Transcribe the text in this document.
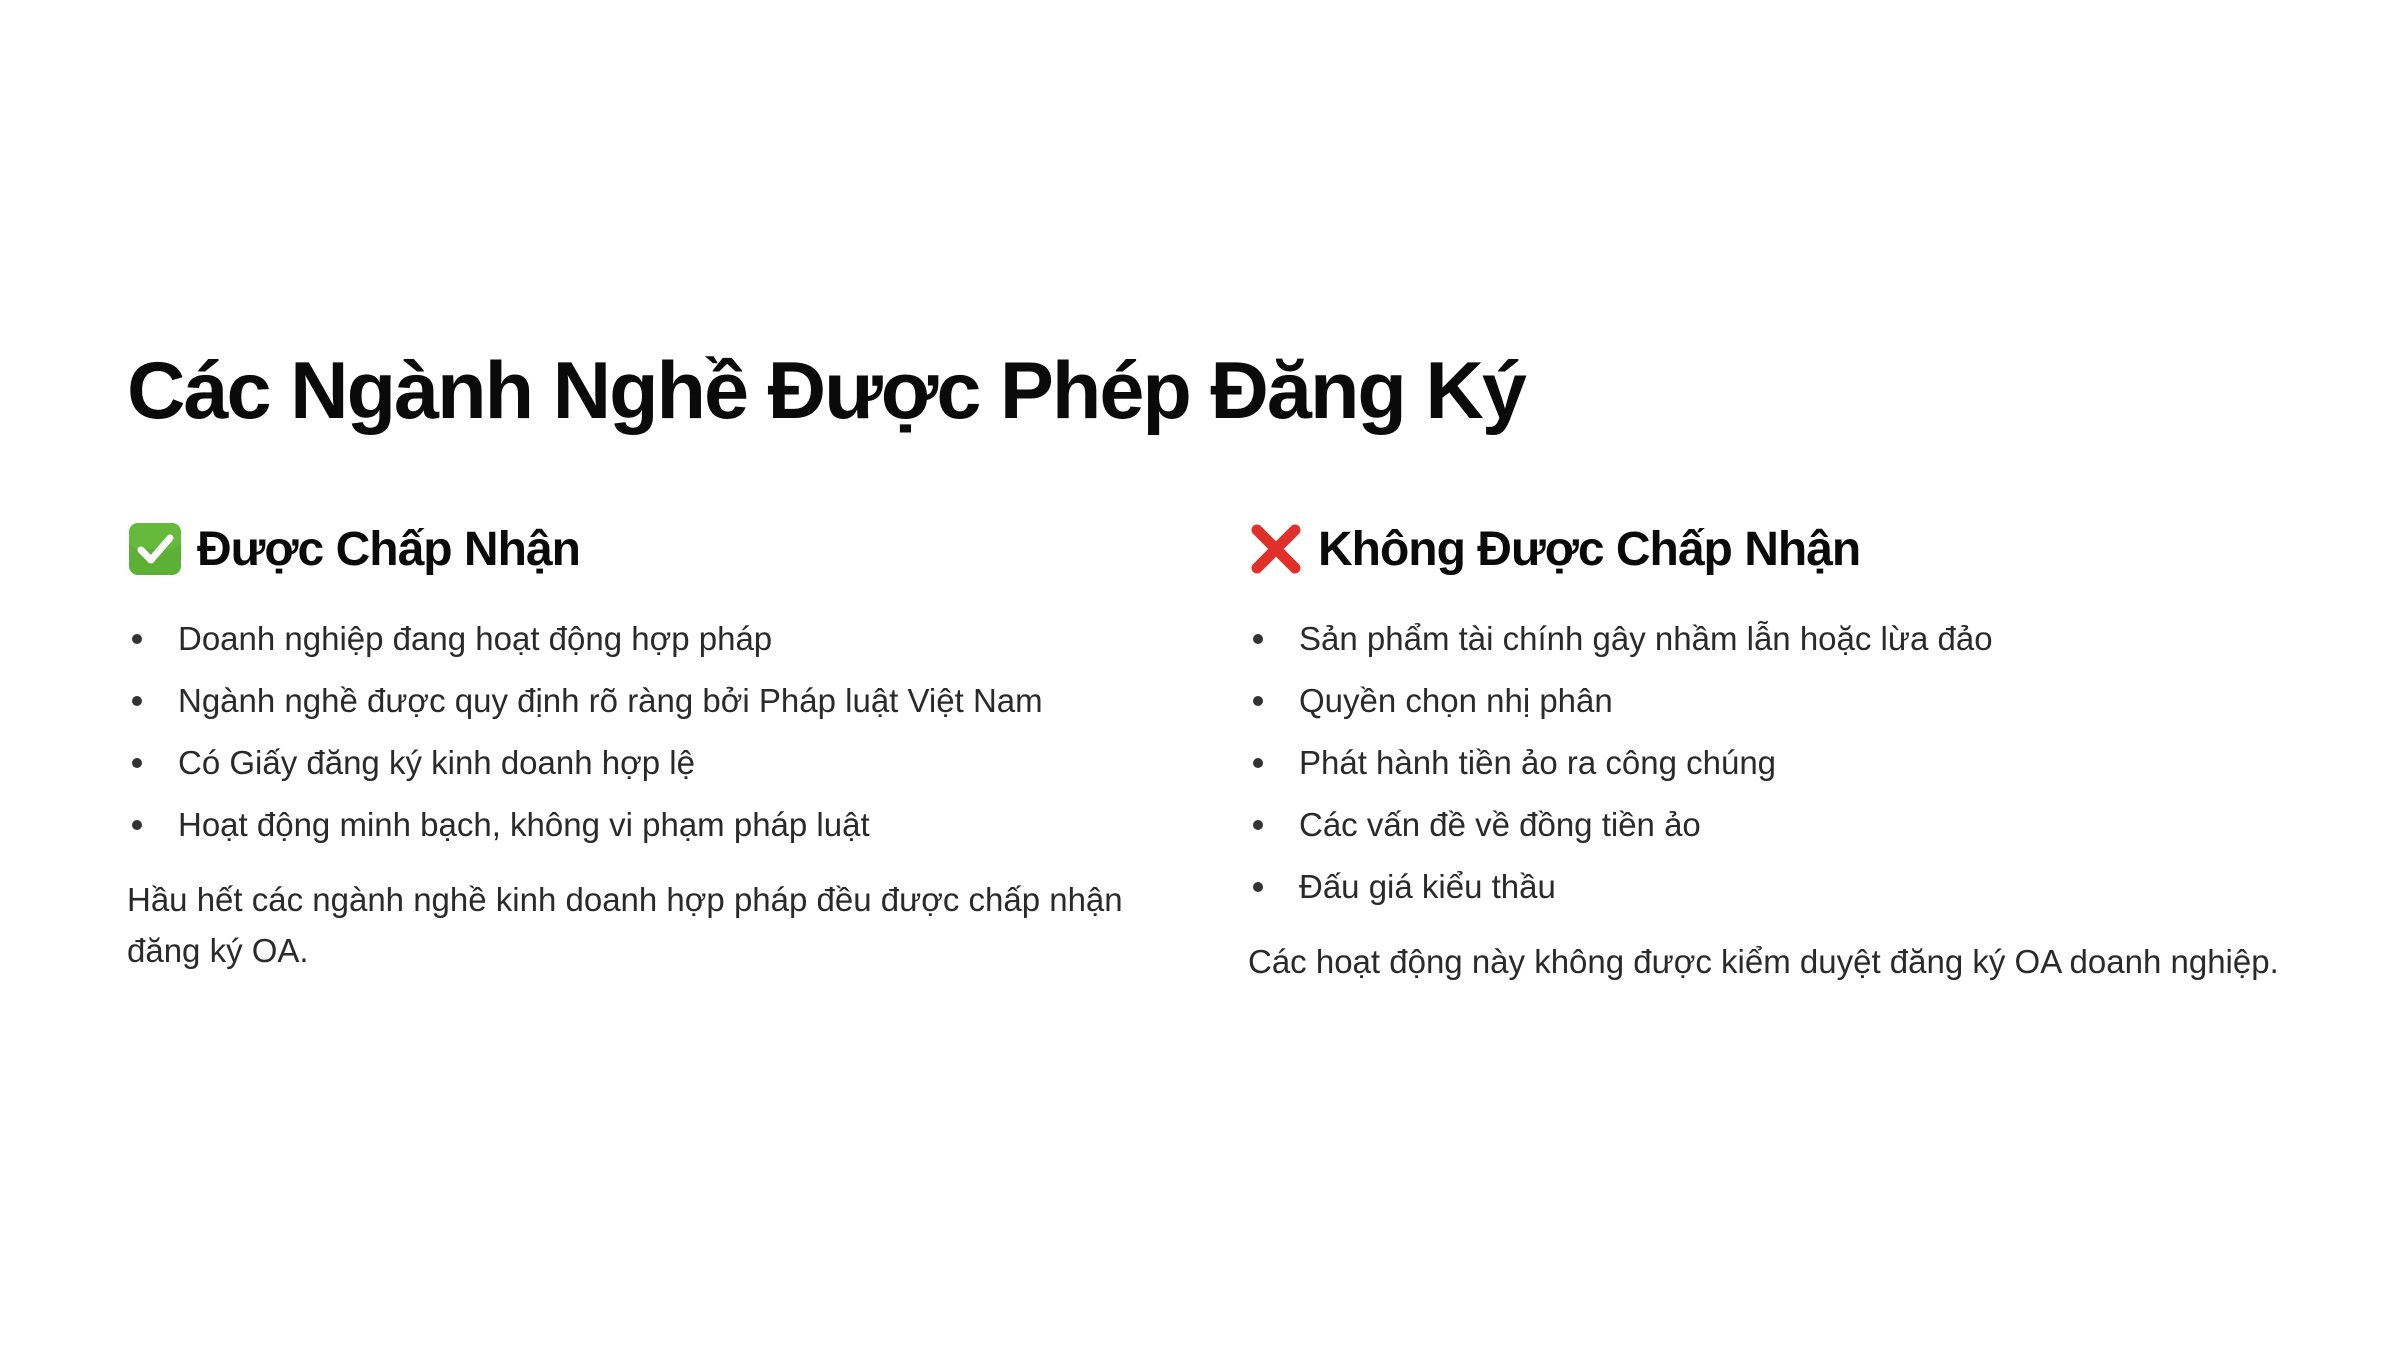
Các Ngành Nghề Được Phép Đăng Ký
Được Chấp Nhận
Doanh nghiệp đang hoạt động hợp pháp
Ngành nghề được quy định rõ ràng bởi Pháp luật Việt Nam
Có Giấy đăng ký kinh doanh hợp lệ
Hoạt động minh bạch, không vi phạm pháp luật

Hầu hết các ngành nghề kinh doanh hợp pháp đều được chấp nhận đăng ký OA.

Không Được Chấp Nhận
Sản phẩm tài chính gây nhầm lẫn hoặc lừa đảo
Quyền chọn nhị phân
Phát hành tiền ảo ra công chúng
Các vấn đề về đồng tiền ảo
Đấu giá kiểu thầu

Các hoạt động này không được kiểm duyệt đăng ký OA doanh nghiệp.
